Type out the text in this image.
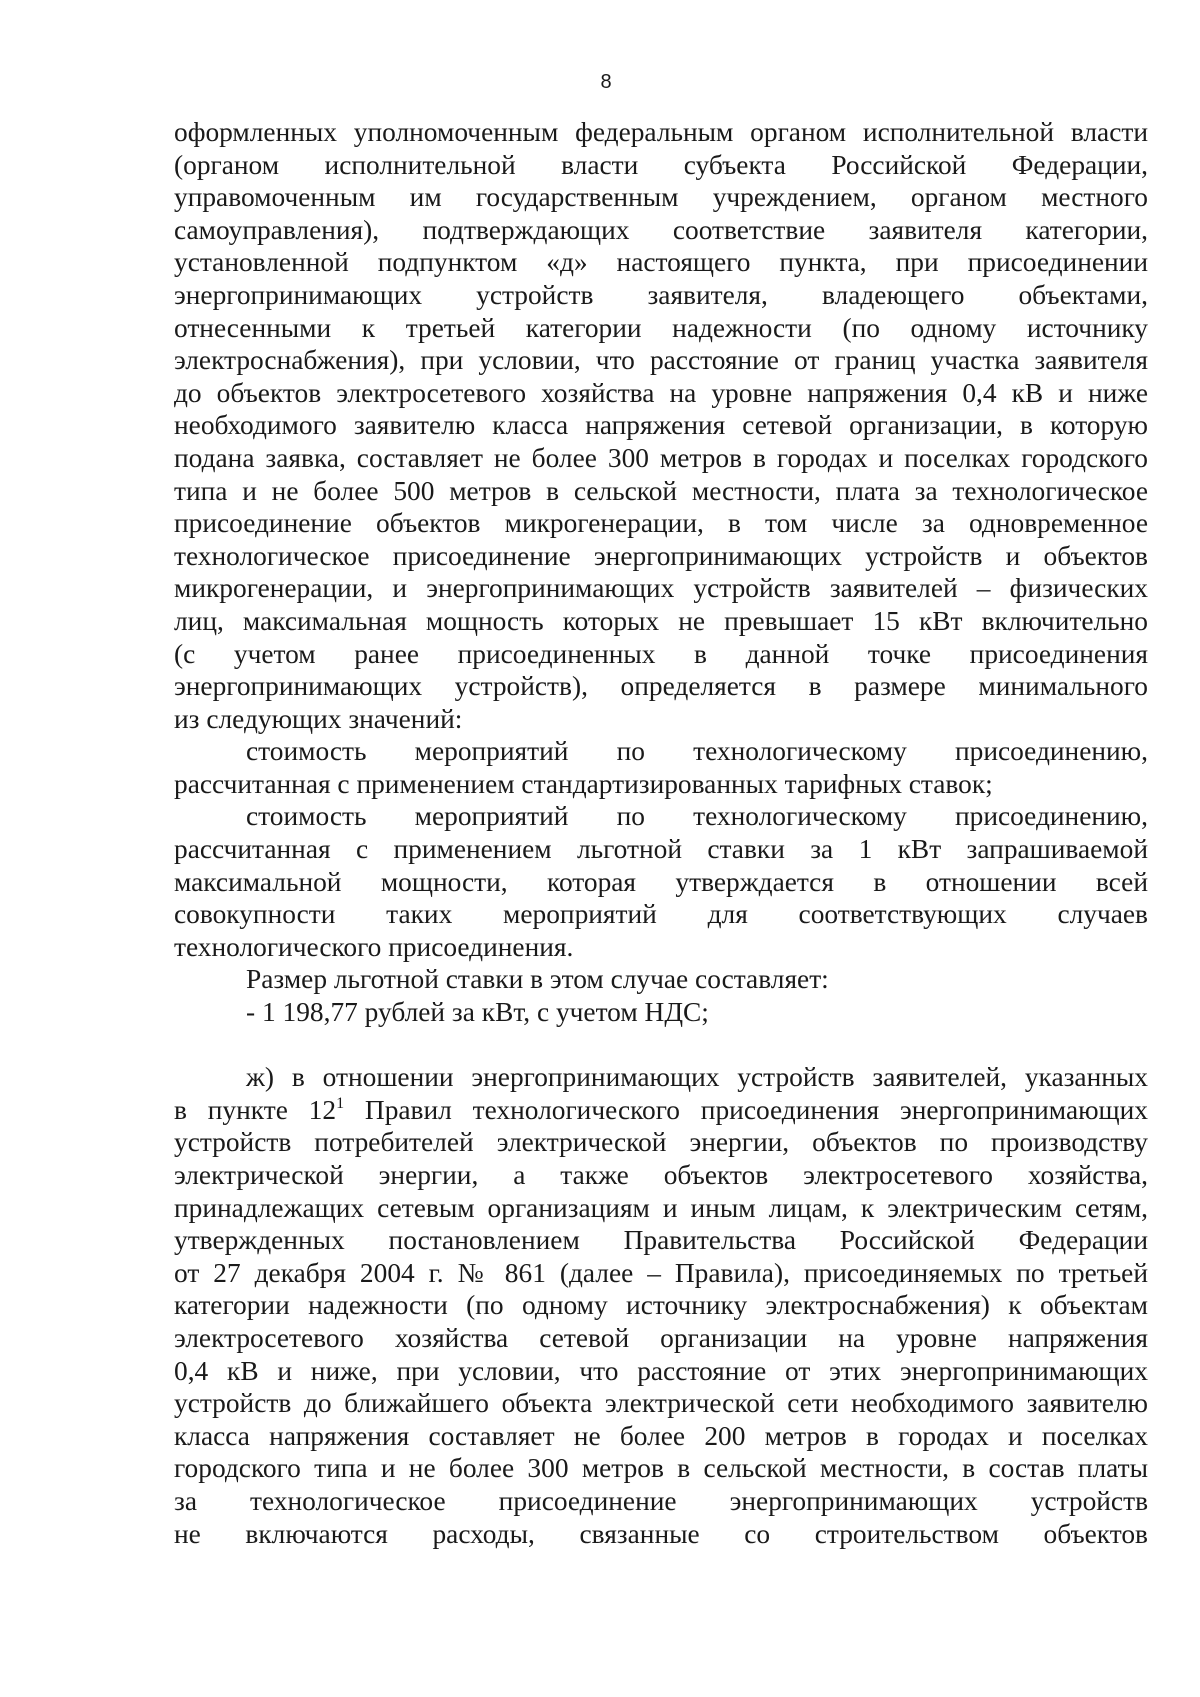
8
оформленных уполномоченным федеральным органом исполнительной власти
(органом исполнительной власти субъекта Российской Федерации,
управомоченным им государственным учреждением, органом местного
самоуправления), подтверждающих соответствие заявителя категории,
установленной подпунктом «д» настоящего пункта, при присоединении
энергопринимающих устройств заявителя, владеющего объектами,
отнесенными к третьей категории надежности (по одному источнику
электроснабжения), при условии, что расстояние от границ участка заявителя
до объектов электросетевого хозяйства на уровне напряжения 0,4 кВ и ниже
необходимого заявителю класса напряжения сетевой организации, в которую
подана заявка, составляет не более 300 метров в городах и поселках городского
типа и не более 500 метров в сельской местности, плата за технологическое
присоединение объектов микрогенерации, в том числе за одновременное
технологическое присоединение энергопринимающих устройств и объектов
микрогенерации, и энергопринимающих устройств заявителей – физических
лиц, максимальная мощность которых не превышает 15 кВт включительно
(с учетом ранее присоединенных в данной точке присоединения
энергопринимающих устройств), определяется в размере минимального
из следующих значений:
стоимость мероприятий по технологическому присоединению,
рассчитанная с применением стандартизированных тарифных ставок;
стоимость мероприятий по технологическому присоединению,
рассчитанная с применением льготной ставки за 1 кВт запрашиваемой
максимальной мощности, которая утверждается в отношении всей
совокупности таких мероприятий для соответствующих случаев
технологического присоединения.
Размер льготной ставки в этом случае составляет:
- 1 198,77 рублей за кВт, с учетом НДС;
ж) в отношении энергопринимающих устройств заявителей, указанных
в пункте $12^1$ Правил технологического присоединения энергопринимающих
устройств потребителей электрической энергии, объектов по производству
электрической энергии, а также объектов электросетевого хозяйства,
принадлежащих сетевым организациям и иным лицам, к электрическим сетям,
утвержденных постановлением Правительства Российской Федерации
от 27 декабря 2004 г. № 861 (далее – Правила), присоединяемых по третьей
категории надежности (по одному источнику электроснабжения) к объектам
электросетевого хозяйства сетевой организации на уровне напряжения
0,4 кВ и ниже, при условии, что расстояние от этих энергопринимающих
устройств до ближайшего объекта электрической сети необходимого заявителю
класса напряжения составляет не более 200 метров в городах и поселках
городского типа и не более 300 метров в сельской местности, в состав платы
за технологическое присоединение энергопринимающих устройств
не включаются расходы, связанные со строительством объектов
